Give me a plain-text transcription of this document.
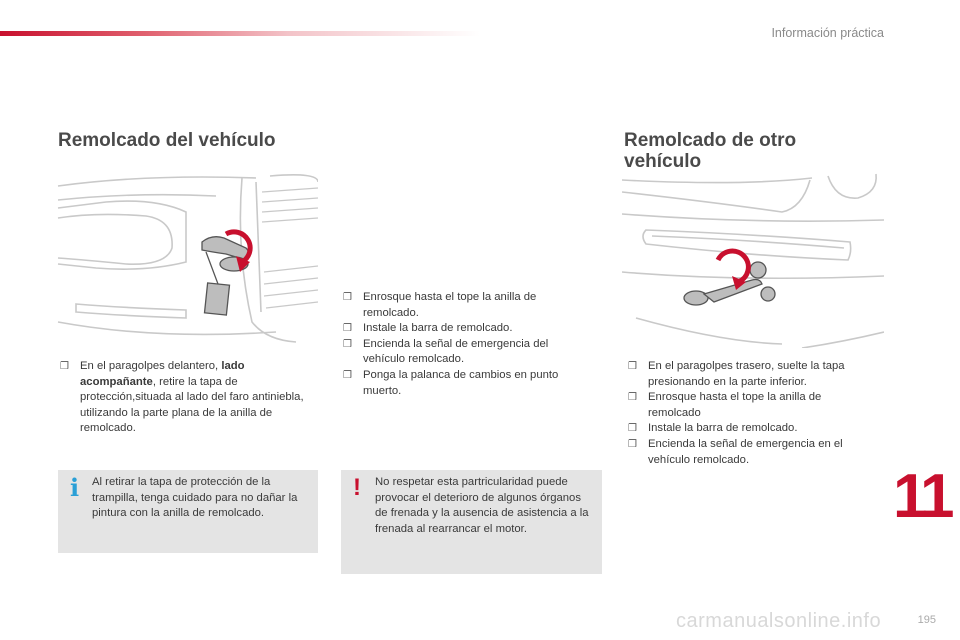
Información práctica
Remolcado del vehículo
❒ En el paragolpes delantero, lado acompañante, retire la tapa de protección,situada al lado del faro antiniebla, utilizando la parte plana de la anilla de remolcado.
i Al retirar la tapa de protección de la trampilla, tenga cuidado para no dañar la pintura con la anilla de remolcado.
❒ Enrosque hasta el tope la anilla de remolcado.
❒ Instale la barra de remolcado.
❒ Encienda la señal de emergencia del vehículo remolcado.
❒ Ponga la palanca de cambios en punto muerto.
! No respetar esta partricularidad puede provocar el deterioro de algunos órganos de frenada y la ausencia de asistencia a la frenada al rearrancar el motor.
Remolcado de otro vehículo
❒ En el paragolpes trasero, suelte la tapa presionando en la parte inferior.
❒ Enrosque hasta el tope la anilla de remolcado
❒ Instale la barra de remolcado.
❒ Encienda la señal de emergencia en el vehículo remolcado.
11
carmanualsonline.info	195
